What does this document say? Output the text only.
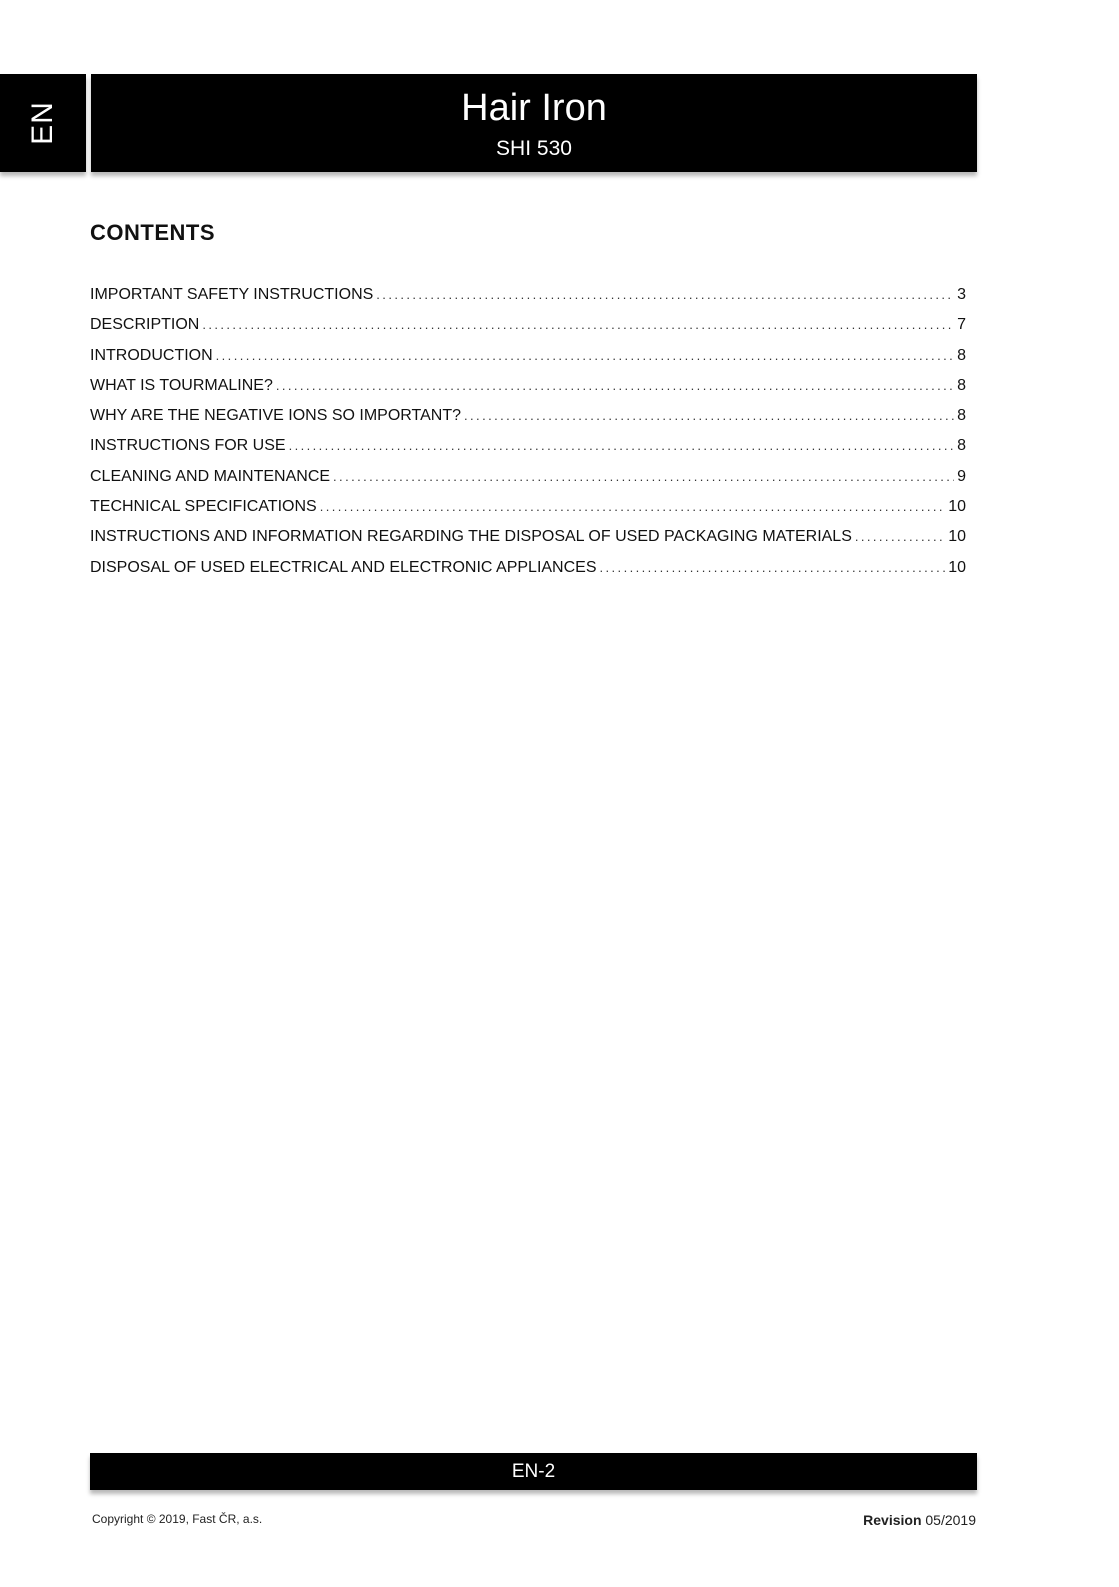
EN	Hair Iron
SHI 530
CONTENTS
IMPORTANT SAFETY INSTRUCTIONS .....	3
DESCRIPTION .....	7
INTRODUCTION .....	8
WHAT IS TOURMALINE? .....	8
WHY ARE THE NEGATIVE IONS SO IMPORTANT? .....	8
INSTRUCTIONS FOR USE .....	8
CLEANING AND MAINTENANCE .....	9
TECHNICAL SPECIFICATIONS .....	10
INSTRUCTIONS AND INFORMATION REGARDING THE DISPOSAL OF USED PACKAGING MATERIALS .....	10
DISPOSAL OF USED ELECTRICAL AND ELECTRONIC APPLIANCES .....	10
EN-2
Copyright © 2019, Fast ČR, a.s.	Revision 05/2019
